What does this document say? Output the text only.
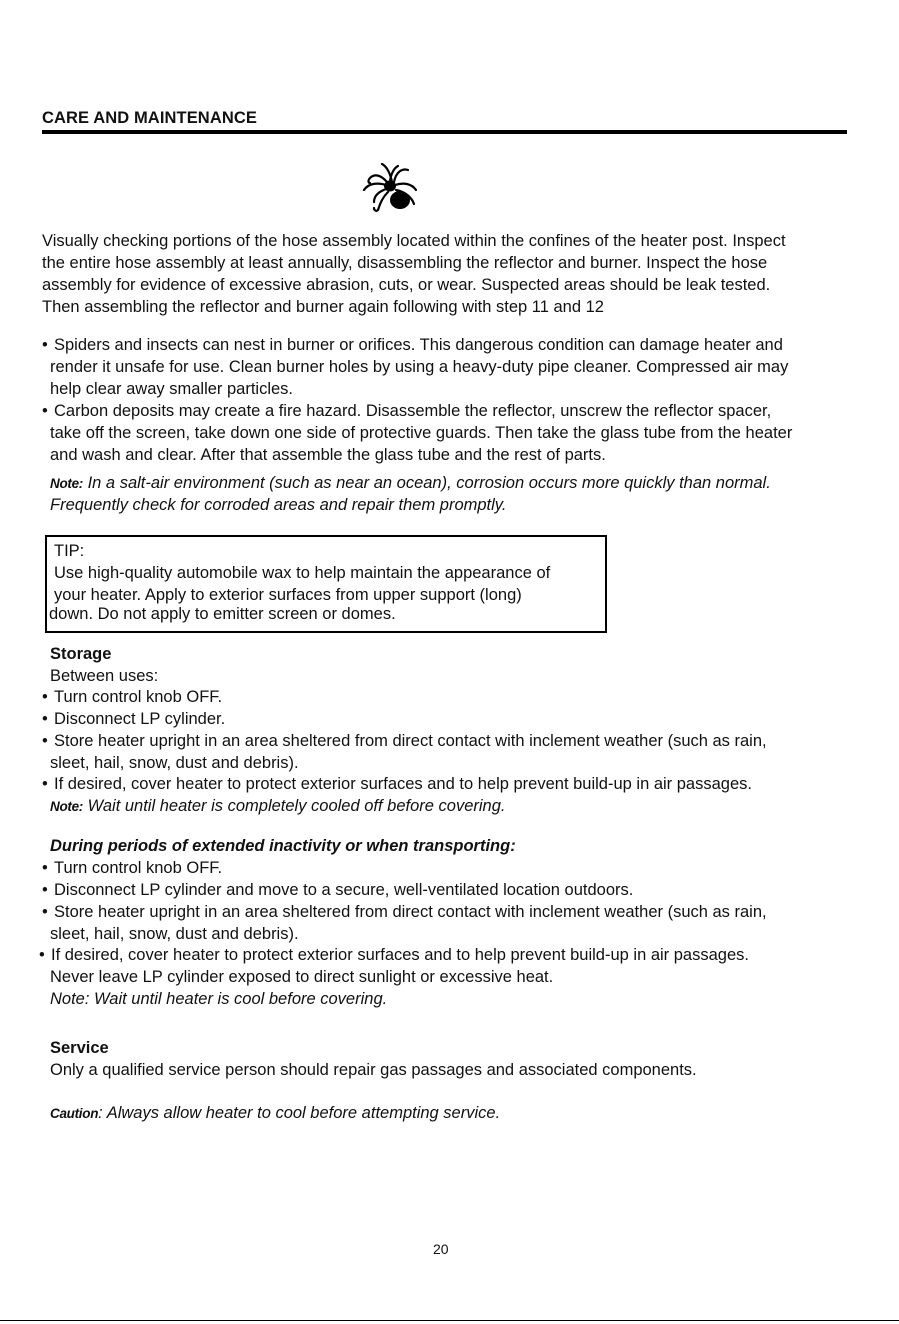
CARE AND MAINTENANCE
Visually checking portions of the hose assembly located within the confines of the heater post. Inspect
the entire hose assembly at least annually, disassembling the reflector and burner. Inspect the hose
assembly for evidence of excessive abrasion, cuts, or wear. Suspected areas should be leak tested.
Then assembling the reflector and burner again following with step 11 and 12
• Spiders and insects can nest in burner or orifices. This dangerous condition can damage heater and
render it unsafe for use. Clean burner holes by using a heavy-duty pipe cleaner. Compressed air may
help clear away smaller particles.
• Carbon deposits may create a fire hazard. Disassemble the reflector, unscrew the reflector spacer,
take off the screen, take down one side of protective guards. Then take the glass tube from the heater
and wash and clear. After that assemble the glass tube and the rest of parts.
Note: In a salt-air environment (such as near an ocean), corrosion occurs more quickly than normal.
Frequently check for corroded areas and repair them promptly.
TIP:
Use high-quality automobile wax to help maintain the appearance of
your heater. Apply to exterior surfaces from upper support (long)
down. Do not apply to emitter screen or domes.
Storage
Between uses:
• Turn control knob OFF.
• Disconnect LP cylinder.
• Store heater upright in an area sheltered from direct contact with inclement weather (such as rain,
sleet, hail, snow, dust and debris).
• If desired, cover heater to protect exterior surfaces and to help prevent build-up in air passages.
Note: Wait until heater is completely cooled off before covering.
During periods of extended inactivity or when transporting:
• Turn control knob OFF.
• Disconnect LP cylinder and move to a secure, well-ventilated location outdoors.
• Store heater upright in an area sheltered from direct contact with inclement weather (such as rain,
sleet, hail, snow, dust and debris).
• If desired, cover heater to protect exterior surfaces and to help prevent build-up in air passages.
Never leave LP cylinder exposed to direct sunlight or excessive heat.
Note: Wait until heater is cool before covering.
Service
Only a qualified service person should repair gas passages and associated components.
Caution: Always allow heater to cool before attempting service.
20
